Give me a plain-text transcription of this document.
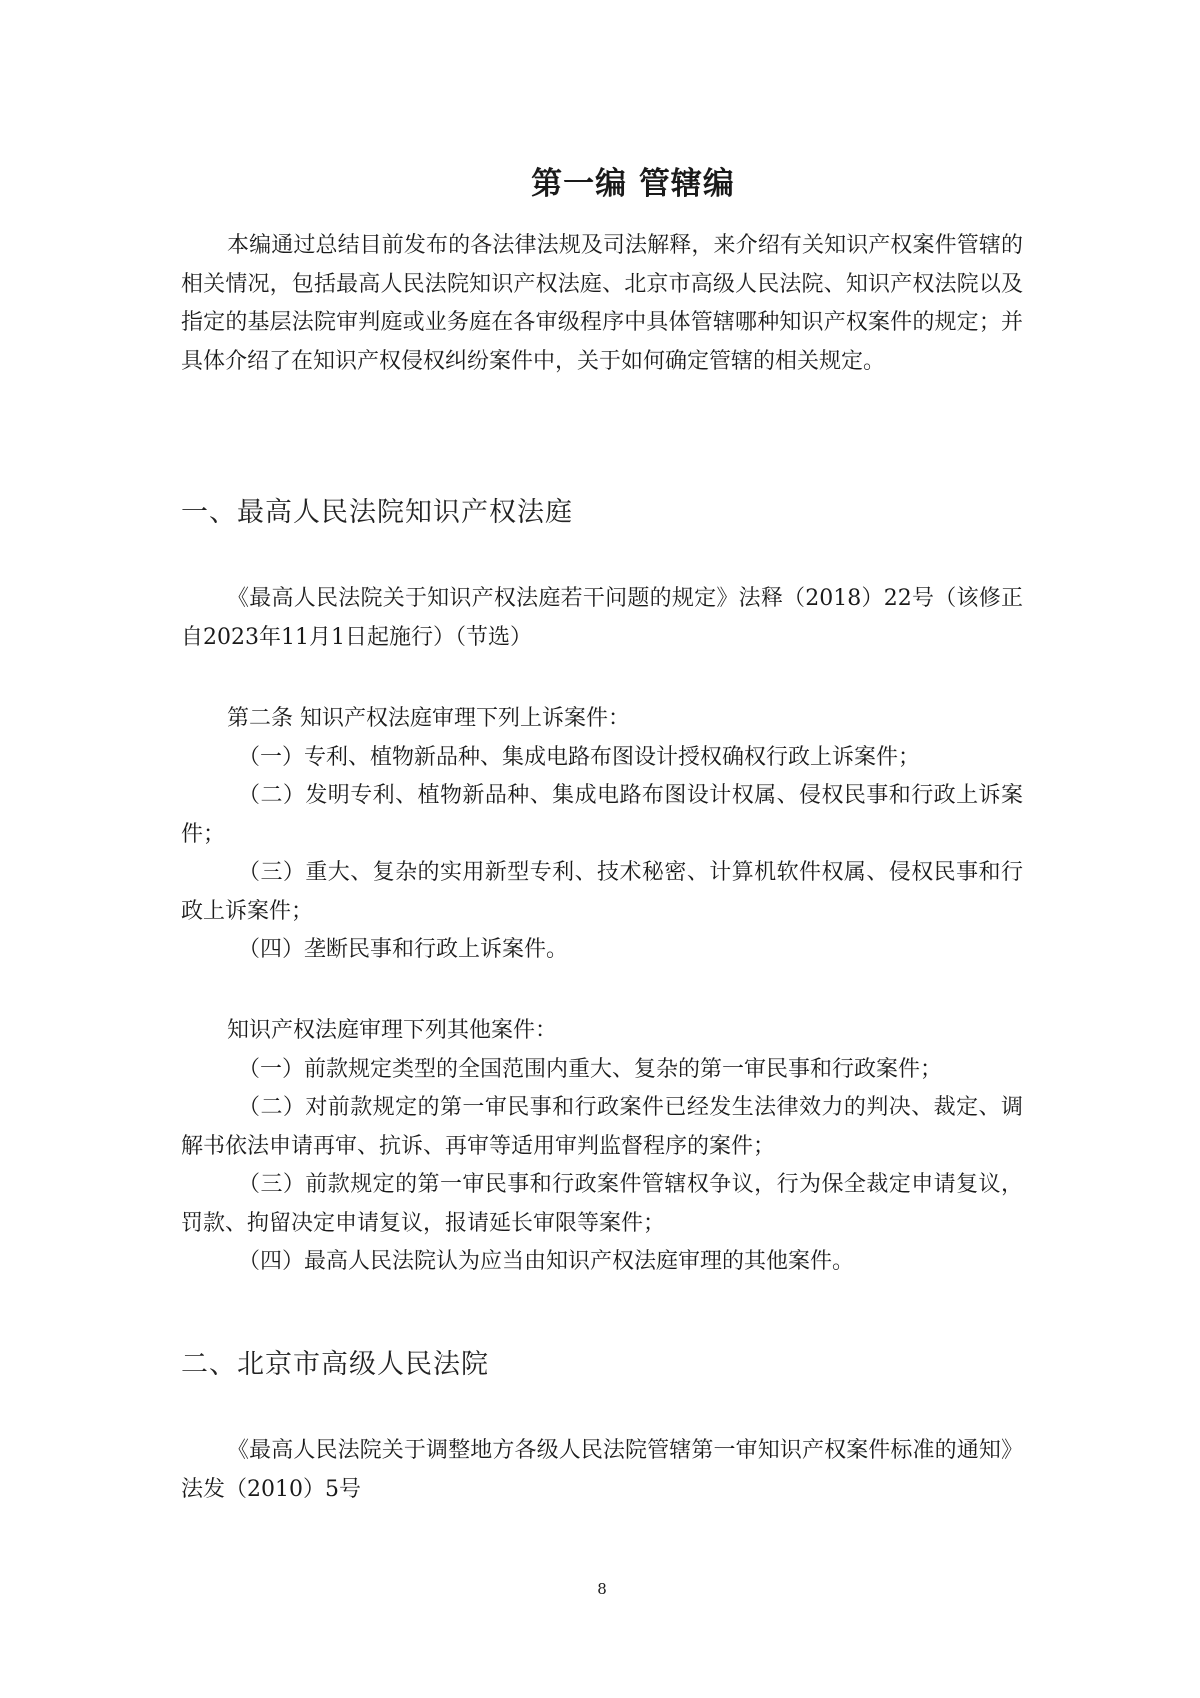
第一编 管辖编

本编通过总结目前发布的各法律法规及司法解释，来介绍有关知识产权案件管辖的相关情况，包括最高人民法院知识产权法庭、北京市高级人民法院、知识产权法院以及指定的基层法院审判庭或业务庭在各审级程序中具体管辖哪种知识产权案件的规定；并具体介绍了在知识产权侵权纠纷案件中，关于如何确定管辖的相关规定。

一、最高人民法院知识产权法庭

《最高人民法院关于知识产权法庭若干问题的规定》法释（2018）22号（该修正自2023年11月1日起施行）（节选）

第二条 知识产权法庭审理下列上诉案件：

（一）专利、植物新品种、集成电路布图设计授权确权行政上诉案件；

（二）发明专利、植物新品种、集成电路布图设计权属、侵权民事和行政上诉案件；

（三）重大、复杂的实用新型专利、技术秘密、计算机软件权属、侵权民事和行政上诉案件；

（四）垄断民事和行政上诉案件。

知识产权法庭审理下列其他案件：

（一）前款规定类型的全国范围内重大、复杂的第一审民事和行政案件；

（二）对前款规定的第一审民事和行政案件已经发生法律效力的判决、裁定、调解书依法申请再审、抗诉、再审等适用审判监督程序的案件；

（三）前款规定的第一审民事和行政案件管辖权争议，行为保全裁定申请复议，罚款、拘留决定申请复议，报请延长审限等案件；

（四）最高人民法院认为应当由知识产权法庭审理的其他案件。

二、北京市高级人民法院

《最高人民法院关于调整地方各级人民法院管辖第一审知识产权案件标准的通知》法发（2010）5号

8
